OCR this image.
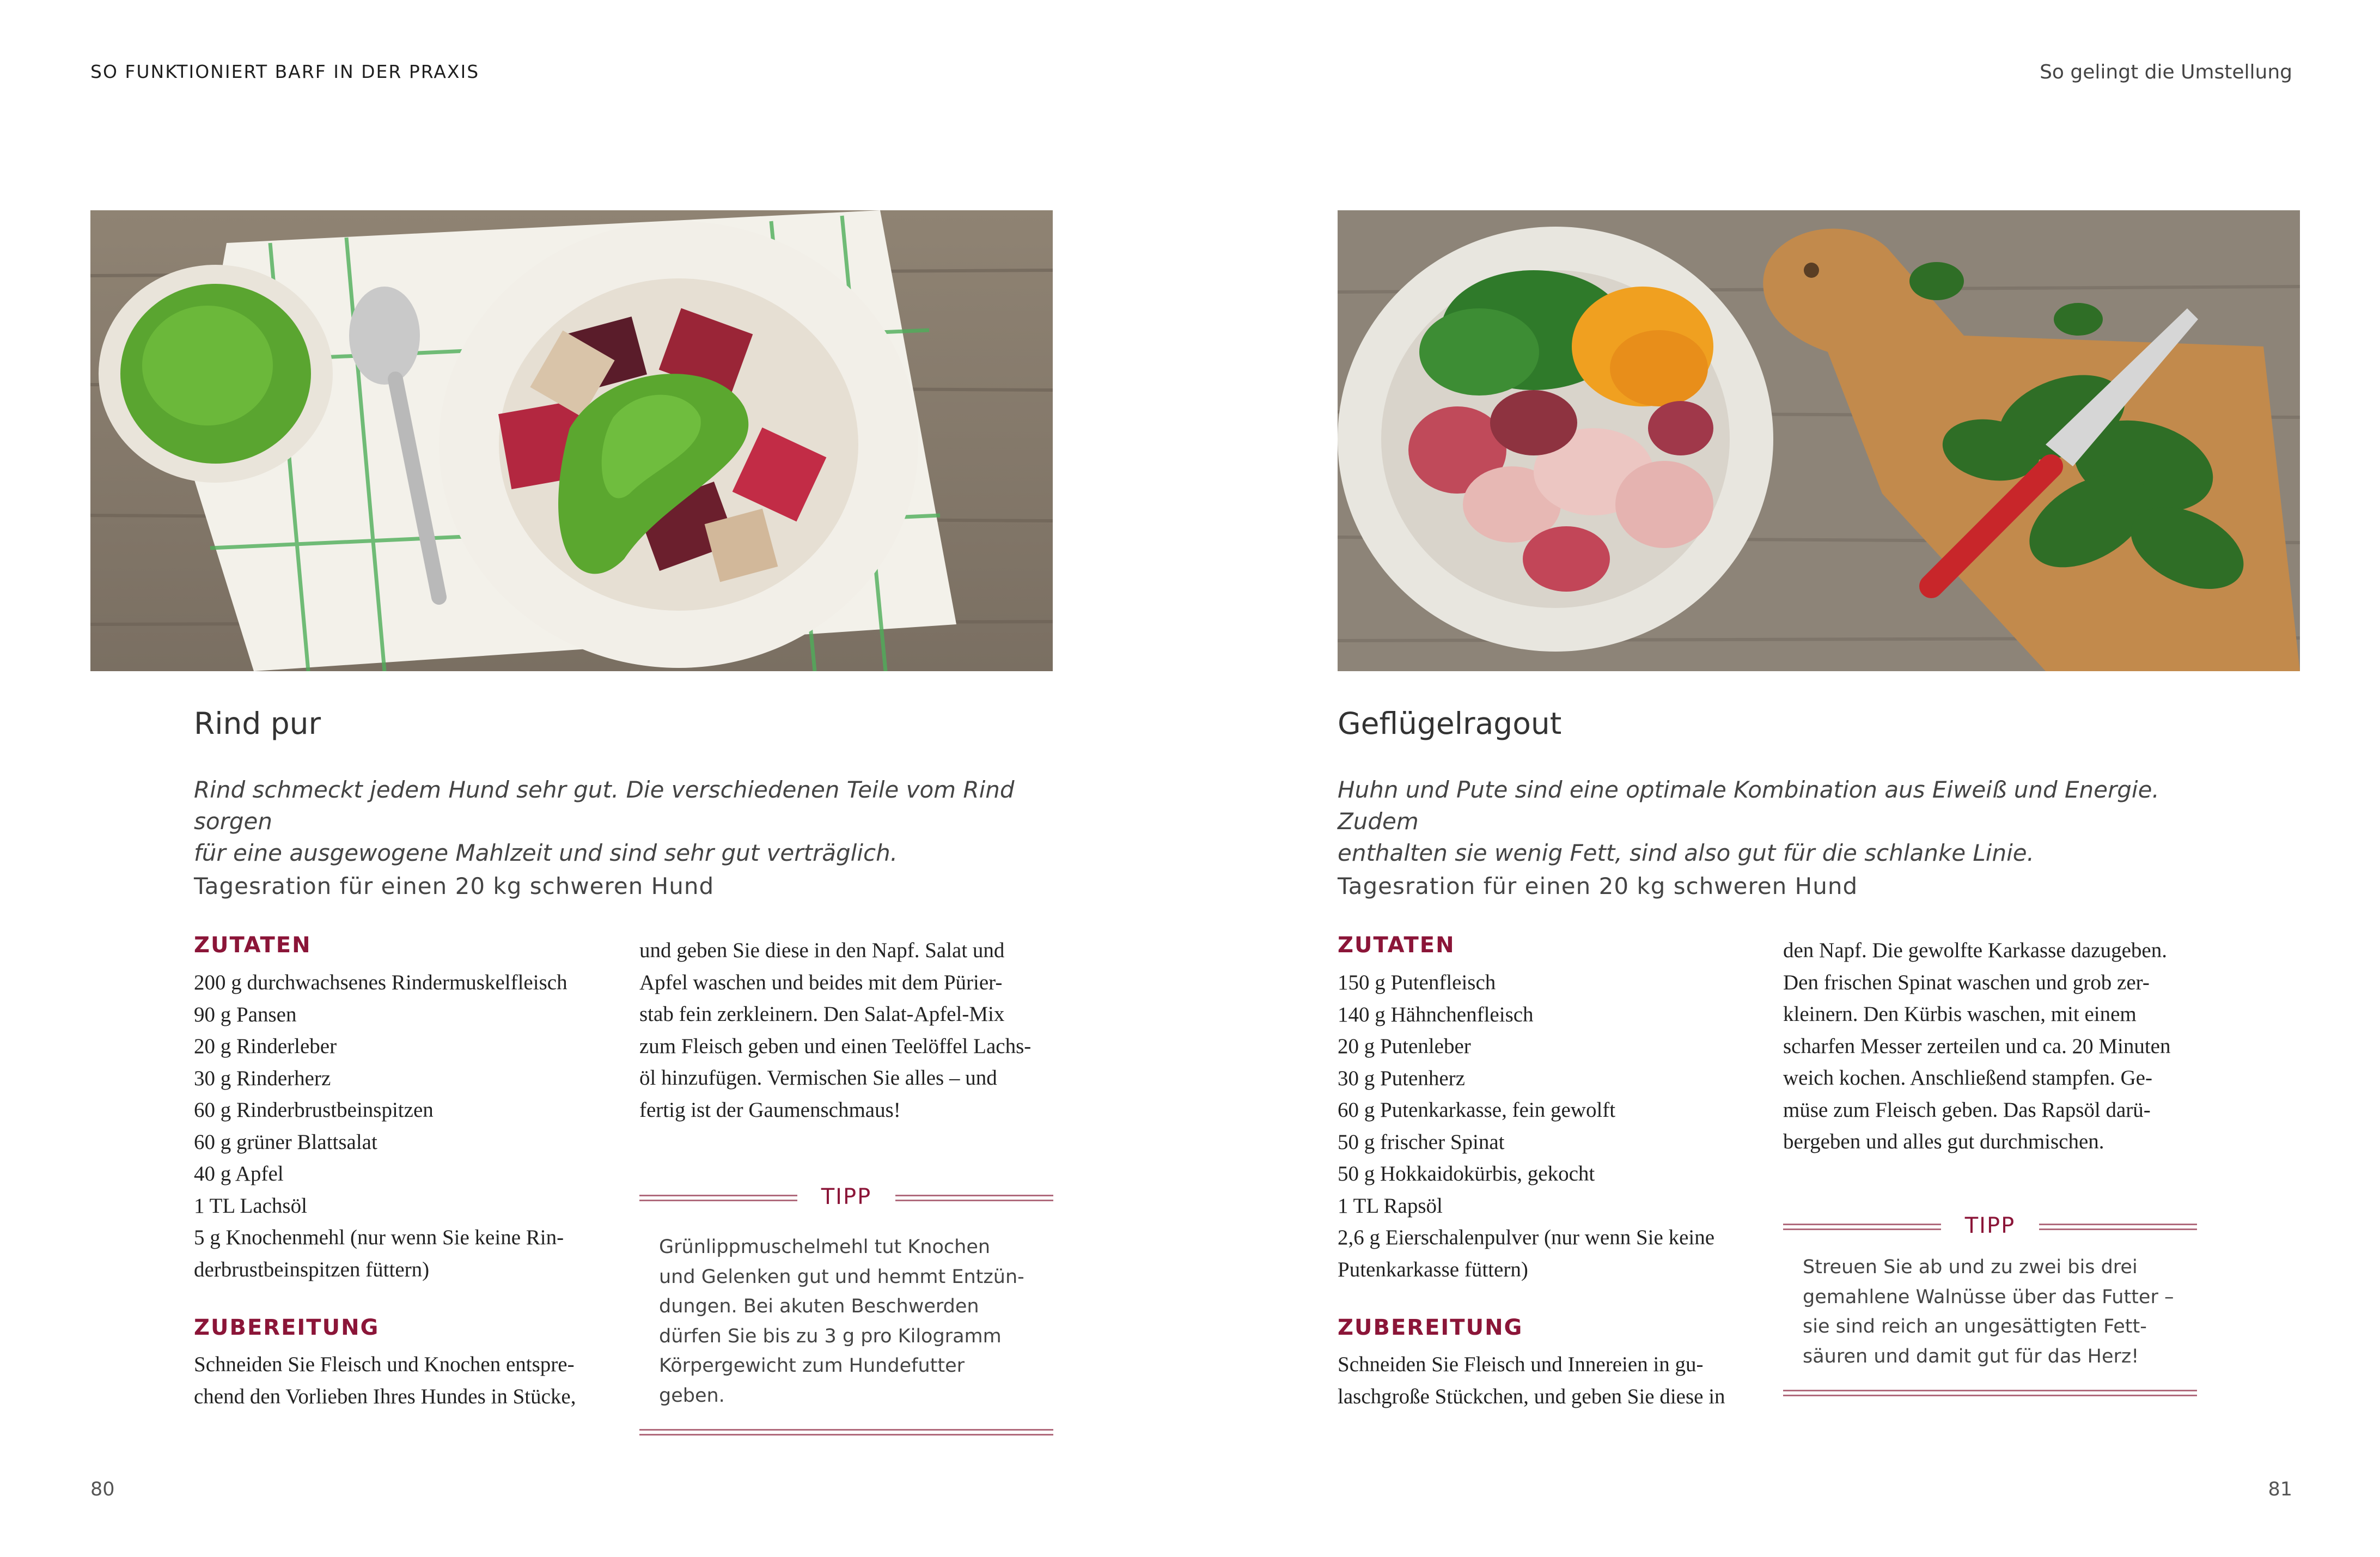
SO FUNKTIONIERT BARF IN DER PRAXIS	So gelingt die Umstellung
Rind pur
Rind schmeckt jedem Hund sehr gut. Die verschiedenen Teile vom Rind sorgen
für eine ausgewogene Mahlzeit und sind sehr gut verträglich.
Tagesration für einen 20 kg schweren Hund
ZUTATEN
200 g durchwachsenes Rindermuskelfleisch
90 g Pansen
20 g Rinderleber
30 g Rinderherz
60 g Rinderbrustbeinspitzen
60 g grüner Blattsalat
40 g Apfel
1 TL Lachsöl
5 g Knochenmehl (nur wenn Sie keine Rin-
derbrustbeinspitzen füttern)
ZUBEREITUNG
Schneiden Sie Fleisch und Knochen entspre-
chend den Vorlieben Ihres Hundes in Stücke,
und geben Sie diese in den Napf. Salat und
Apfel waschen und beides mit dem Pürier-
stab fein zerkleinern. Den Salat-Apfel-Mix
zum Fleisch geben und einen Teelöffel Lachs-
öl hinzufügen. Vermischen Sie alles – und
fertig ist der Gaumenschmaus!
TIPP
Grünlippmuschelmehl tut Knochen
und Gelenken gut und hemmt Entzün-
dungen. Bei akuten Beschwerden
dürfen Sie bis zu 3 g pro Kilogramm
Körpergewicht zum Hundefutter geben.
80
Geflügelragout
Huhn und Pute sind eine optimale Kombination aus Eiweiß und Energie. Zudem
enthalten sie wenig Fett, sind also gut für die schlanke Linie.
Tagesration für einen 20 kg schweren Hund
ZUTATEN
150 g Putenfleisch
140 g Hähnchenfleisch
20 g Putenleber
30 g Putenherz
60 g Putenkarkasse, fein gewolft
50 g frischer Spinat
50 g Hokkaidokürbis, gekocht
1 TL Rapsöl
2,6 g Eierschalenpulver (nur wenn Sie keine
Putenkarkasse füttern)
ZUBEREITUNG
Schneiden Sie Fleisch und Innereien in gu-
laschgroße Stückchen, und geben Sie diese in
den Napf. Die gewolfte Karkasse dazugeben.
Den frischen Spinat waschen und grob zer-
kleinern. Den Kürbis waschen, mit einem
scharfen Messer zerteilen und ca. 20 Minuten
weich kochen. Anschließend stampfen. Ge-
müse zum Fleisch geben. Das Rapsöl darü-
bergeben und alles gut durchmischen.
TIPP
Streuen Sie ab und zu zwei bis drei
gemahlene Walnüsse über das Futter –
sie sind reich an ungesättigten Fett-
säuren und damit gut für das Herz!
81
